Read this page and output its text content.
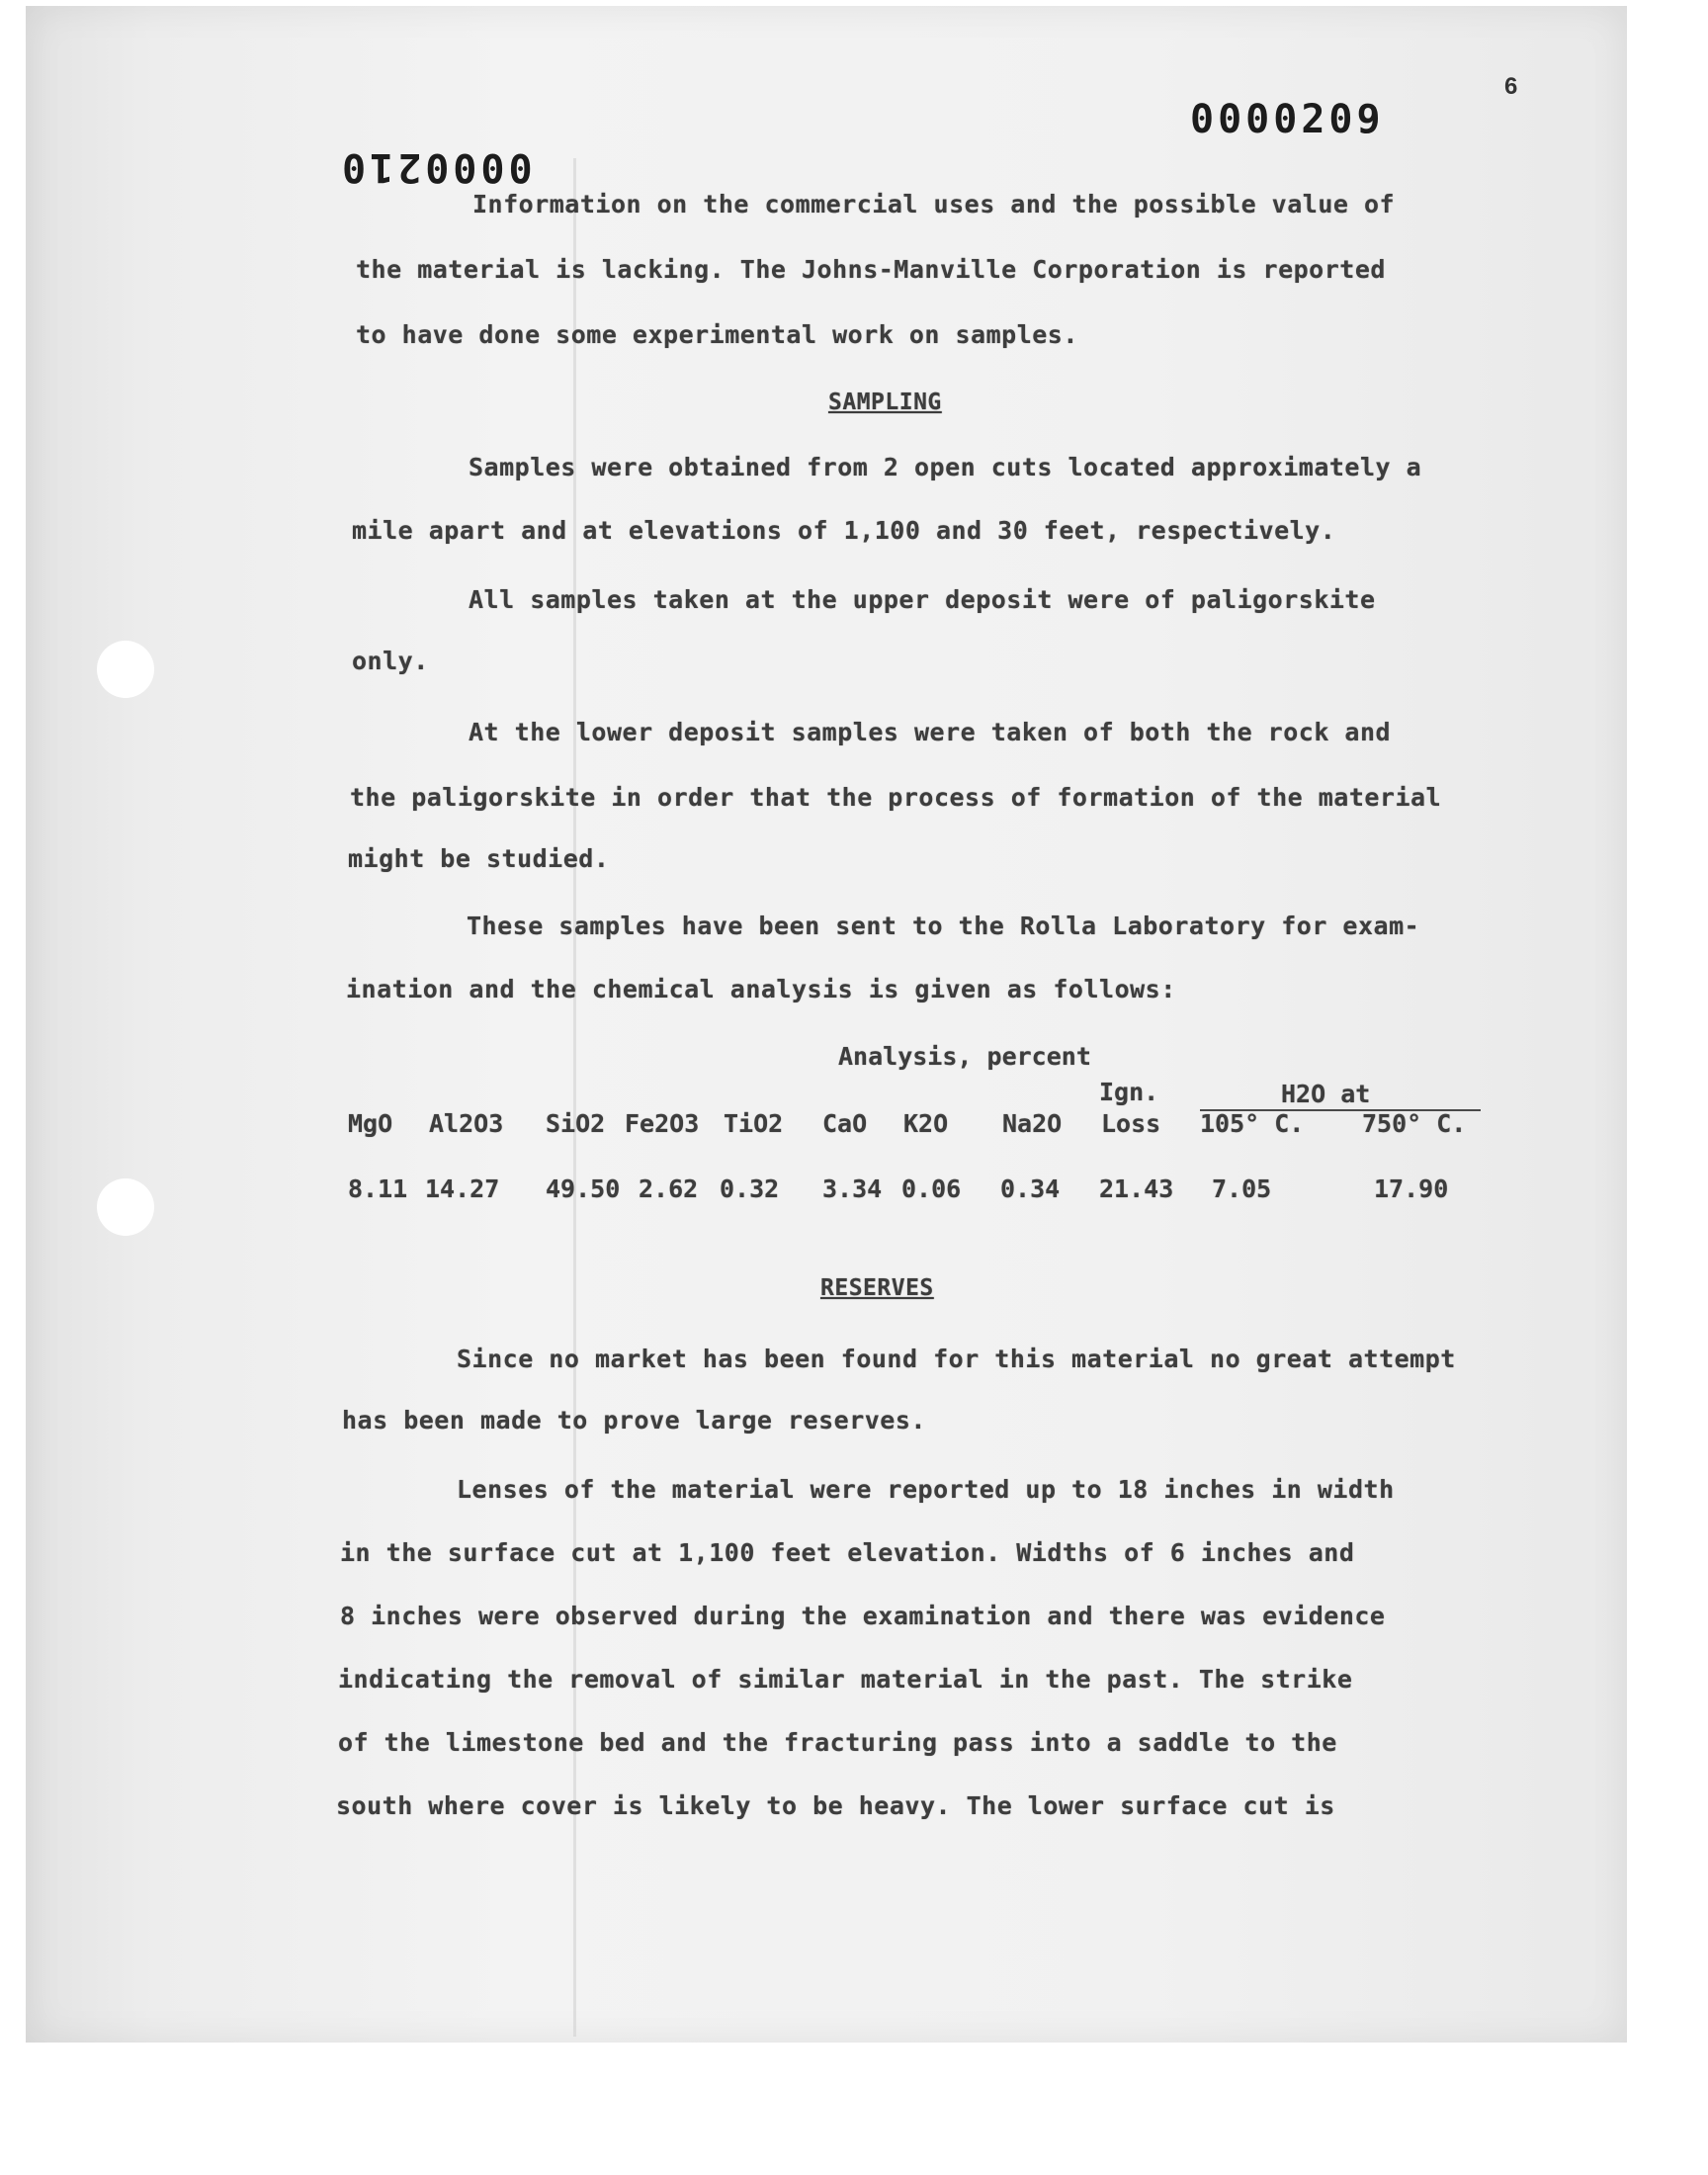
6
0000209
0000210
Information on the commercial uses and the possible value of
the material is lacking. The Johns-Manville Corporation is reported
to have done some experimental work on samples.
SAMPLING
Samples were obtained from 2 open cuts located approximately a
mile apart and at elevations of 1,100 and 30 feet, respectively.
All samples taken at the upper deposit were of paligorskite
only.
At the lower deposit samples were taken of both the rock and
the paligorskite in order that the process of formation of the material
might be studied.
These samples have been sent to the Rolla Laboratory for exam-
ination and the chemical analysis is given as follows:
Analysis, percent
Ign.	H2O at
MgO Al2O3 SiO2 Fe2O3 TiO2 CaO K2O Na2O Loss 105° C. 750° C.
8.11 14.27 49.50 2.62 0.32 3.34 0.06 0.34 21.43 7.05	17.90
RESERVES
Since no market has been found for this material no great attempt
has been made to prove large reserves.
Lenses of the material were reported up to 18 inches in width
in the surface cut at 1,100 feet elevation. Widths of 6 inches and
8 inches were observed during the examination and there was evidence
indicating the removal of similar material in the past. The strike
of the limestone bed and the fracturing pass into a saddle to the
south where cover is likely to be heavy. The lower surface cut is
